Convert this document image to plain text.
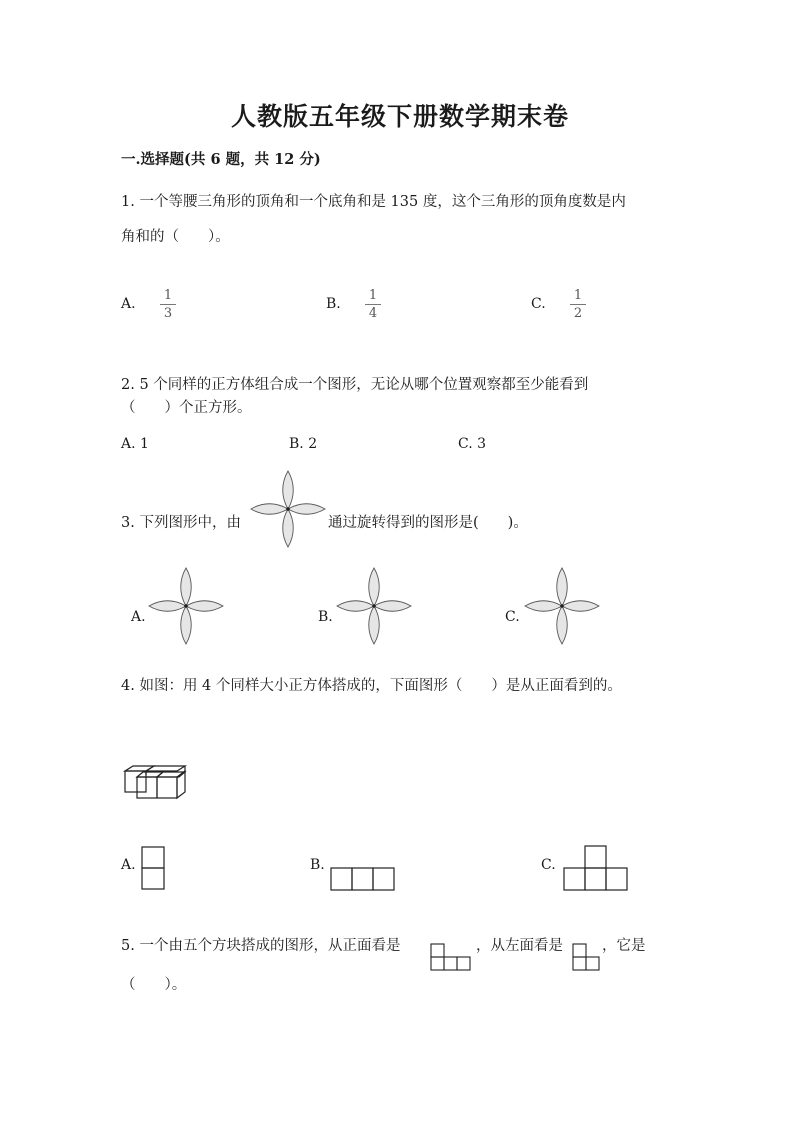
人教版五年级下册数学期末卷
一.选择题(共 6 题，共 12 分)
1. 一个等腰三角形的顶角和一个底角和是 135 度，这个三角形的顶角度数是内
角和的（　　）。
A.
1
3
B.
1
4
C.
1
2
2. 5 个同样的正方体组合成一个图形，无论从哪个位置观察都至少能看到
（　　）个正方形。
A. 1	B. 2	C. 3
3. 下列图形中，由	通过旋转得到的图形是(　　)。
A.	B.	C.
4. 如图：用 4 个同样大小正方体搭成的，下面图形（　　）是从正面看到的。
A.	B.	C.
5. 一个由五个方块搭成的图形，从正面看是	，从左面看是	，它是
（　　）。
